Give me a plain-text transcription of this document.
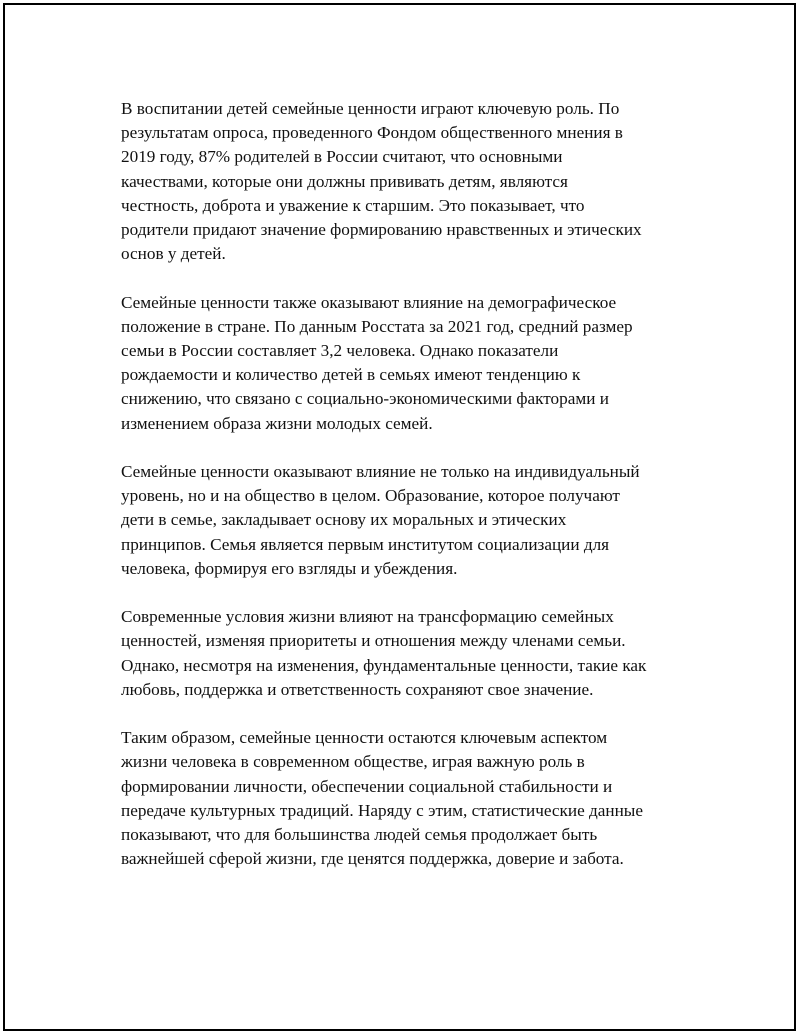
В воспитании детей семейные ценности играют ключевую роль. По
результатам опроса, проведенного Фондом общественного мнения в
2019 году, 87% родителей в России считают, что основными
качествами, которые они должны прививать детям, являются
честность, доброта и уважение к старшим. Это показывает, что
родители придают значение формированию нравственных и этических
основ у детей.

Семейные ценности также оказывают влияние на демографическое
положение в стране. По данным Росстата за 2021 год, средний размер
семьи в России составляет 3,2 человека. Однако показатели
рождаемости и количество детей в семьях имеют тенденцию к
снижению, что связано с социально-экономическими факторами и
изменением образа жизни молодых семей.

Семейные ценности оказывают влияние не только на индивидуальный
уровень, но и на общество в целом. Образование, которое получают
дети в семье, закладывает основу их моральных и этических
принципов. Семья является первым институтом социализации для
человека, формируя его взгляды и убеждения.

Современные условия жизни влияют на трансформацию семейных
ценностей, изменяя приоритеты и отношения между членами семьи.
Однако, несмотря на изменения, фундаментальные ценности, такие как
любовь, поддержка и ответственность сохраняют свое значение.

Таким образом, семейные ценности остаются ключевым аспектом
жизни человека в современном обществе, играя важную роль в
формировании личности, обеспечении социальной стабильности и
передаче культурных традиций. Наряду с этим, статистические данные
показывают, что для большинства людей семья продолжает быть
важнейшей сферой жизни, где ценятся поддержка, доверие и забота.
